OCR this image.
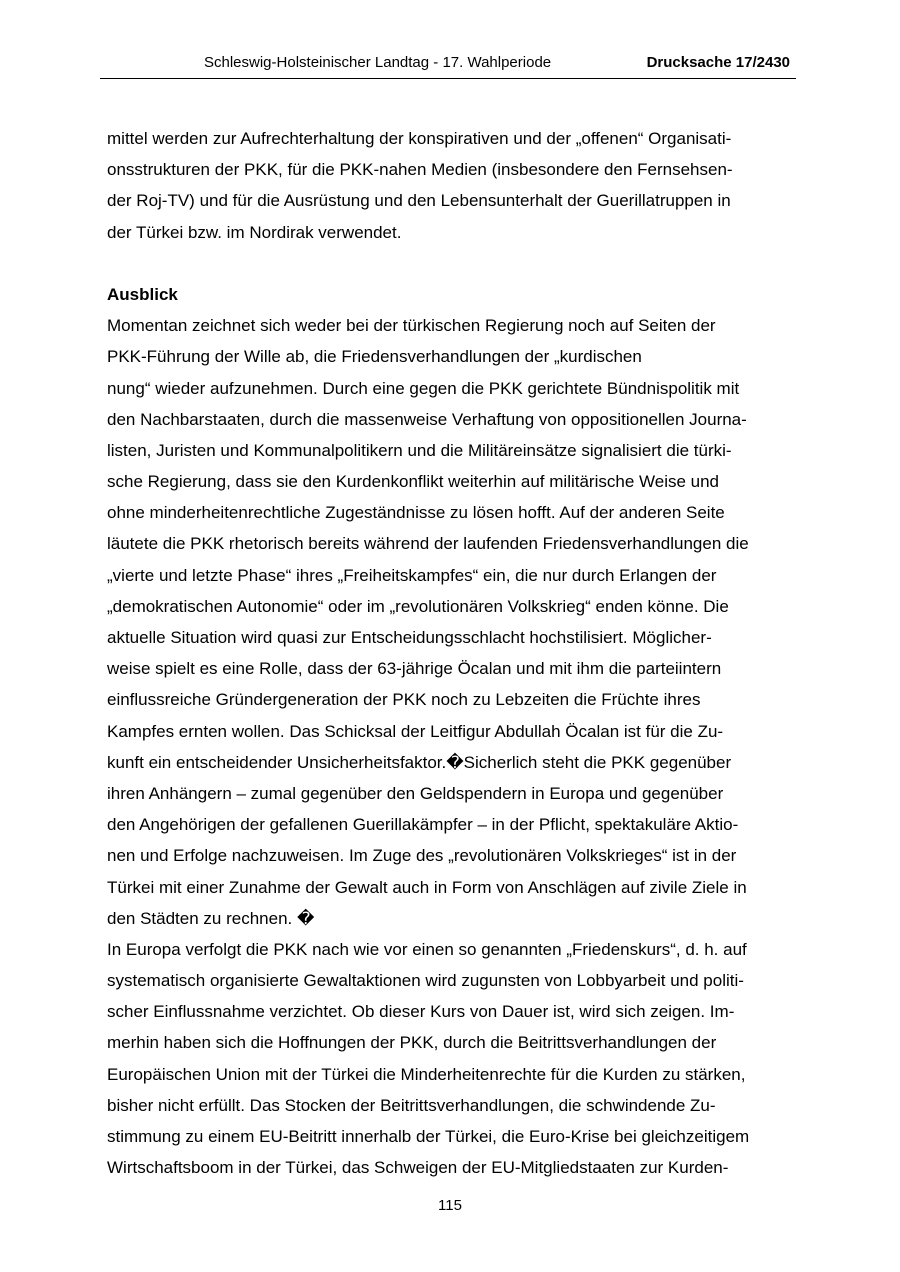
Schleswig-Holsteinischer Landtag - 17. Wahlperiode	Drucksache 17/2430
mittel werden zur Aufrechterhaltung der konspirativen und der „offenen“ Organisati-
onsstrukturen der PKK, für die PKK-nahen Medien (insbesondere den Fernsehsen-
der Roj-TV) und für die Ausrüstung und den Lebensunterhalt der Guerillatruppen in
der Türkei bzw. im Nordirak verwendet.
Ausblick
Momentan zeichnet sich weder bei der türkischen Regierung noch auf Seiten der
PKK-Führung der Wille ab, die Friedensverhandlungen der „kurdischen
nung“ wieder aufzunehmen. Durch eine gegen die PKK gerichtete Bündnispolitik mit
den Nachbarstaaten, durch die massenweise Verhaftung von oppositionellen Journa-
listen, Juristen und Kommunalpolitikern und die Militäreinsätze signalisiert die türki-
sche Regierung, dass sie den Kurdenkonflikt weiterhin auf militärische Weise und
ohne minderheitenrechtliche Zugeständnisse zu lösen hofft. Auf der anderen Seite
läutete die PKK rhetorisch bereits während der laufenden Friedensverhandlungen die
„vierte und letzte Phase“ ihres „Freiheitskampfes“ ein, die nur durch Erlangen der
„demokratischen Autonomie“ oder im „revolutionären Volkskrieg“ enden könne. Die
aktuelle Situation wird quasi zur Entscheidungsschlacht hochstilisiert. Möglicher-
weise spielt es eine Rolle, dass der 63-jährige Öcalan und mit ihm die parteiintern
einflussreiche Gründergeneration der PKK noch zu Lebzeiten die Früchte ihres
Kampfes ernten wollen. Das Schicksal der Leitfigur Abdullah Öcalan ist für die Zu-
kunft ein entscheidender Unsicherheitsfaktor.�Sicherlich steht die PKK gegenüber
ihren Anhängern – zumal gegenüber den Geldspendern in Europa und gegenüber
den Angehörigen der gefallenen Guerillakämpfer – in der Pflicht, spektakuläre Aktio-
nen und Erfolge nachzuweisen. Im Zuge des „revolutionären Volkskrieges“ ist in der
Türkei mit einer Zunahme der Gewalt auch in Form von Anschlägen auf zivile Ziele in
den Städten zu rechnen. �
In Europa verfolgt die PKK nach wie vor einen so genannten „Friedenskurs“, d. h. auf
systematisch organisierte Gewaltaktionen wird zugunsten von Lobbyarbeit und politi-
scher Einflussnahme verzichtet. Ob dieser Kurs von Dauer ist, wird sich zeigen. Im-
merhin haben sich die Hoffnungen der PKK, durch die Beitrittsverhandlungen der
Europäischen Union mit der Türkei die Minderheitenrechte für die Kurden zu stärken,
bisher nicht erfüllt. Das Stocken der Beitrittsverhandlungen, die schwindende Zu-
stimmung zu einem EU-Beitritt innerhalb der Türkei, die Euro-Krise bei gleichzeitigem
Wirtschaftsboom in der Türkei, das Schweigen der EU-Mitgliedstaaten zur Kurden-
115
